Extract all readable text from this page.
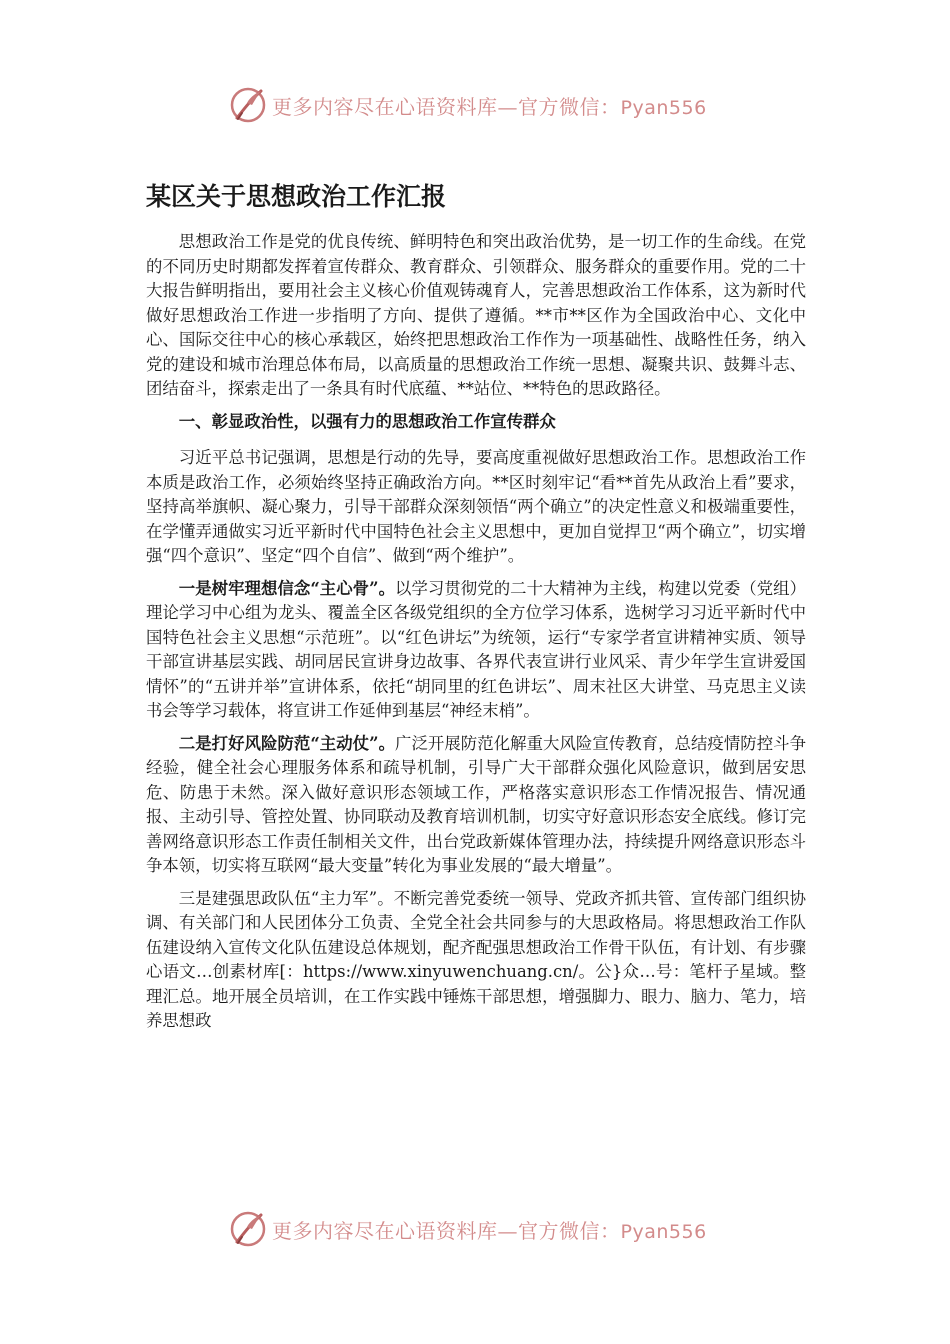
更多内容尽在心语资料库—官方微信：Pyan556
某区关于思想政治工作汇报

思想政治工作是党的优良传统、鲜明特色和突出政治优势，是一切工作的生命线。在党的不同历史时期都发挥着宣传群众、教育群众、引领群众、服务群众的重要作用。党的二十大报告鲜明指出，要用社会主义核心价值观铸魂育人，完善思想政治工作体系，这为新时代做好思想政治工作进一步指明了方向、提供了遵循。**市**区作为全国政治中心、文化中心、国际交往中心的核心承载区，始终把思想政治工作作为一项基础性、战略性任务，纳入党的建设和城市治理总体布局，以高质量的思想政治工作统一思想、凝聚共识、鼓舞斗志、团结奋斗，探索走出了一条具有时代底蕴、**站位、**特色的思政路径。

一、彰显政治性，以强有力的思想政治工作宣传群众

习近平总书记强调，思想是行动的先导，要高度重视做好思想政治工作。思想政治工作本质是政治工作，必须始终坚持正确政治方向。**区时刻牢记“看**首先从政治上看”要求，坚持高举旗帜、凝心聚力，引导干部群众深刻领悟“两个确立”的决定性意义和极端重要性，在学懂弄通做实习近平新时代中国特色社会主义思想中，更加自觉捍卫“两个确立”，切实增强“四个意识”、坚定“四个自信”、做到“两个维护”。

一是树牢理想信念“主心骨”。以学习贯彻党的二十大精神为主线，构建以党委（党组）理论学习中心组为龙头、覆盖全区各级党组织的全方位学习体系，选树学习习近平新时代中国特色社会主义思想“示范班”。以“红色讲坛”为统领，运行“专家学者宣讲精神实质、领导干部宣讲基层实践、胡同居民宣讲身边故事、各界代表宣讲行业风采、青少年学生宣讲爱国情怀”的“五讲并举”宣讲体系，依托“胡同里的红色讲坛”、周末社区大讲堂、马克思主义读书会等学习载体，将宣讲工作延伸到基层“神经末梢”。

二是打好风险防范“主动仗”。广泛开展防范化解重大风险宣传教育，总结疫情防控斗争经验，健全社会心理服务体系和疏导机制，引导广大干部群众强化风险意识，做到居安思危、防患于未然。深入做好意识形态领域工作，严格落实意识形态工作情况报告、情况通报、主动引导、管控处置、协同联动及教育培训机制，切实守好意识形态安全底线。修订完善网络意识形态工作责任制相关文件，出台党政新媒体管理办法，持续提升网络意识形态斗争本领，切实将互联网“最大变量”转化为事业发展的“最大增量”。

三是建强思政队伍“主力军”。不断完善党委统一领导、党政齐抓共管、宣传部门组织协调、有关部门和人民团体分工负责、全党全社会共同参与的大思政格局。将思想政治工作队伍建设纳入宣传文化队伍建设总体规划，配齐配强思想政治工作骨干队伍，有计划、有步骤心语文…创素材库[：https://www.xinyuwenchuang.cn/。公}众…号：笔杆子星域。整理汇总。地开展全员培训，在工作实践中锤炼干部思想，增强脚力、眼力、脑力、笔力，培养思想政

更多内容尽在心语资料库—官方微信：Pyan556
